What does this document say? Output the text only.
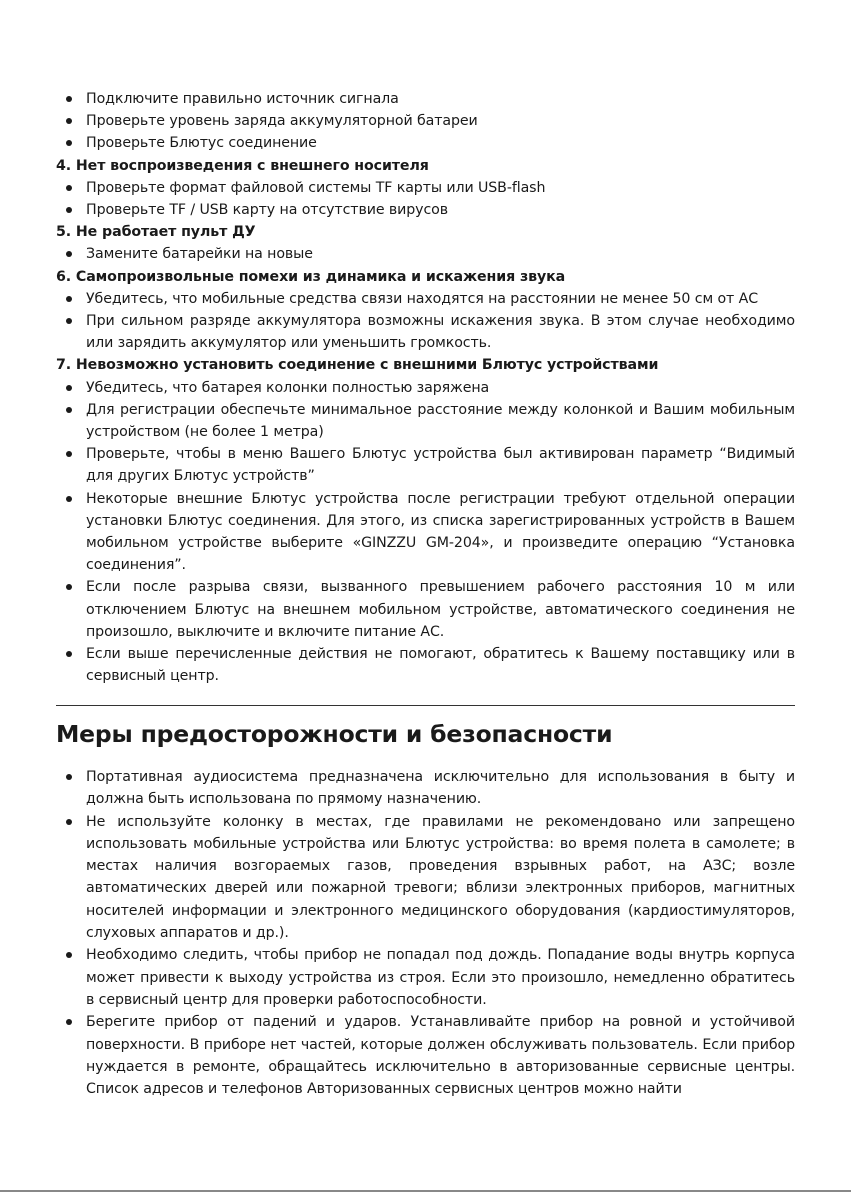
Подключите правильно источник сигнала
Проверьте уровень заряда аккумуляторной батареи
Проверьте Блютус соединение

4. Нет воспроизведения с внешнего носителя

Проверьте формат файловой системы TF карты или USB-flash
Проверьте TF / USB карту на отсутствие вирусов

5. Не работает пульт ДУ

Замените батарейки на новые

6. Самопроизвольные помехи из динамика и искажения звука

Убедитесь, что мобильные средства связи находятся на расстоянии не менее 50 см от АС
При сильном разряде аккумулятора возможны искажения звука. В этом случае необходимо или зарядить аккумулятор или уменьшить громкость.

7. Невозможно установить соединение с внешними Блютус устройствами

Убедитесь, что батарея колонки полностью заряжена
Для регистрации обеспечьте минимальное расстояние между колонкой и Вашим мобильным устройством (не более 1 метра)
Проверьте, чтобы в меню Вашего Блютус устройства был активирован параметр “Видимый для других Блютус устройств”
Некоторые внешние Блютус устройства после регистрации требуют отдельной операции установки Блютус соединения. Для этого, из списка зарегистрированных устройств в Вашем мобильном устройстве выберите «GINZZU GM-204», и произведите операцию “Установка соединения”.
Если после разрыва связи, вызванного превышением рабочего расстояния 10 м или отключением Блютус на внешнем мобильном устройстве, автоматического соединения не произошло, выключите и включите питание АС.
Если выше перечисленные действия не помогают, обратитесь к Вашему поставщику или в сервисный центр.
Меры предосторожности и безопасности
Портативная аудиосистема предназначена исключительно для использования в быту и должна быть использована по прямому назначению.
Не используйте колонку в местах, где правилами не рекомендовано или запрещено использовать мобильные устройства или Блютус устройства: во время полета в самолете; в местах наличия возгораемых газов, проведения взрывных работ, на АЗС; возле автоматических дверей или пожарной тревоги; вблизи электронных приборов, магнитных носителей информации и электронного медицинского оборудования (кардиостимуляторов, слуховых аппаратов и др.).
Необходимо следить, чтобы прибор не попадал под дождь. Попадание воды внутрь корпуса может привести к выходу устройства из строя. Если это произошло, немедленно обратитесь в сервисный центр для проверки работоспособности.
Берегите прибор от падений и ударов. Устанавливайте прибор на ровной и устойчивой поверхности. В приборе нет частей, которые должен обслуживать пользователь. Если прибор нуждается в ремонте, обращайтесь исключительно в авторизованные сервисные центры. Список адресов и телефонов Авторизованных сервисных центров можно найти
